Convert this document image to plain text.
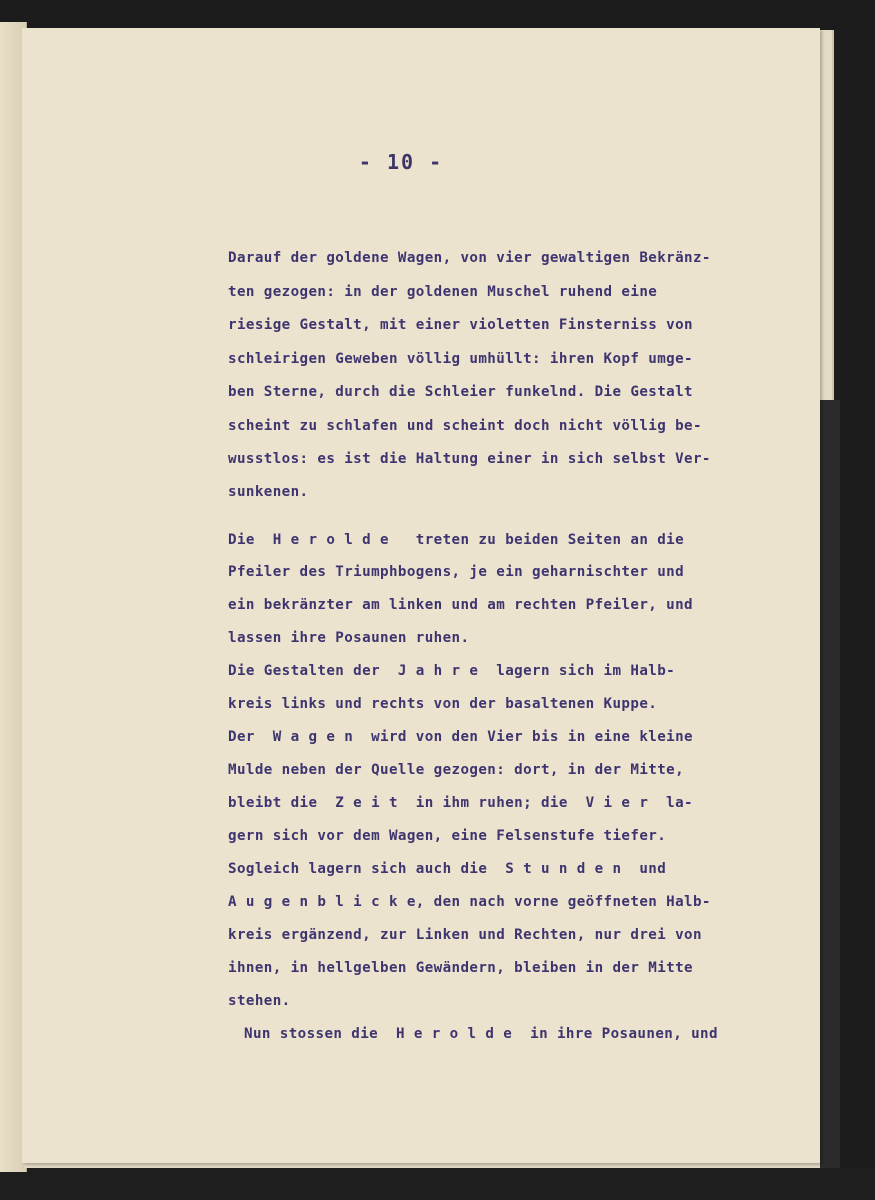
- 10 -
Darauf der goldene Wagen, von vier gewaltigen Bekränz-
ten gezogen: in der goldenen Muschel ruhend eine
riesige Gestalt, mit einer violetten Finsterniss von
schleirigen Geweben völlig umhüllt: ihren Kopf umge-
ben Sterne, durch die Schleier funkelnd. Die Gestalt
scheint zu schlafen und scheint doch nicht völlig be-
wusstlos: es ist die Haltung einer in sich selbst Ver-
sunkenen.
Die  H e r o l d e   treten zu beiden Seiten an die
Pfeiler des Triumphbogens, je ein geharnischter und
ein bekränzter am linken und am rechten Pfeiler, und
lassen ihre Posaunen ruhen.
Die Gestalten der  J a h r e  lagern sich im Halb-
kreis links und rechts von der basaltenen Kuppe.
Der  W a g e n  wird von den Vier bis in eine kleine
Mulde neben der Quelle gezogen: dort, in der Mitte,
bleibt die  Z e i t  in ihm ruhen; die  V i e r  la-
gern sich vor dem Wagen, eine Felsenstufe tiefer.
Sogleich lagern sich auch die  S t u n d e n  und
A u g e n b l i c k e, den nach vorne geöffneten Halb-
kreis ergänzend, zur Linken und Rechten, nur drei von
ihnen, in hellgelben Gewändern, bleiben in der Mitte
stehen.
Nun stossen die  H e r o l d e  in ihre Posaunen, und
